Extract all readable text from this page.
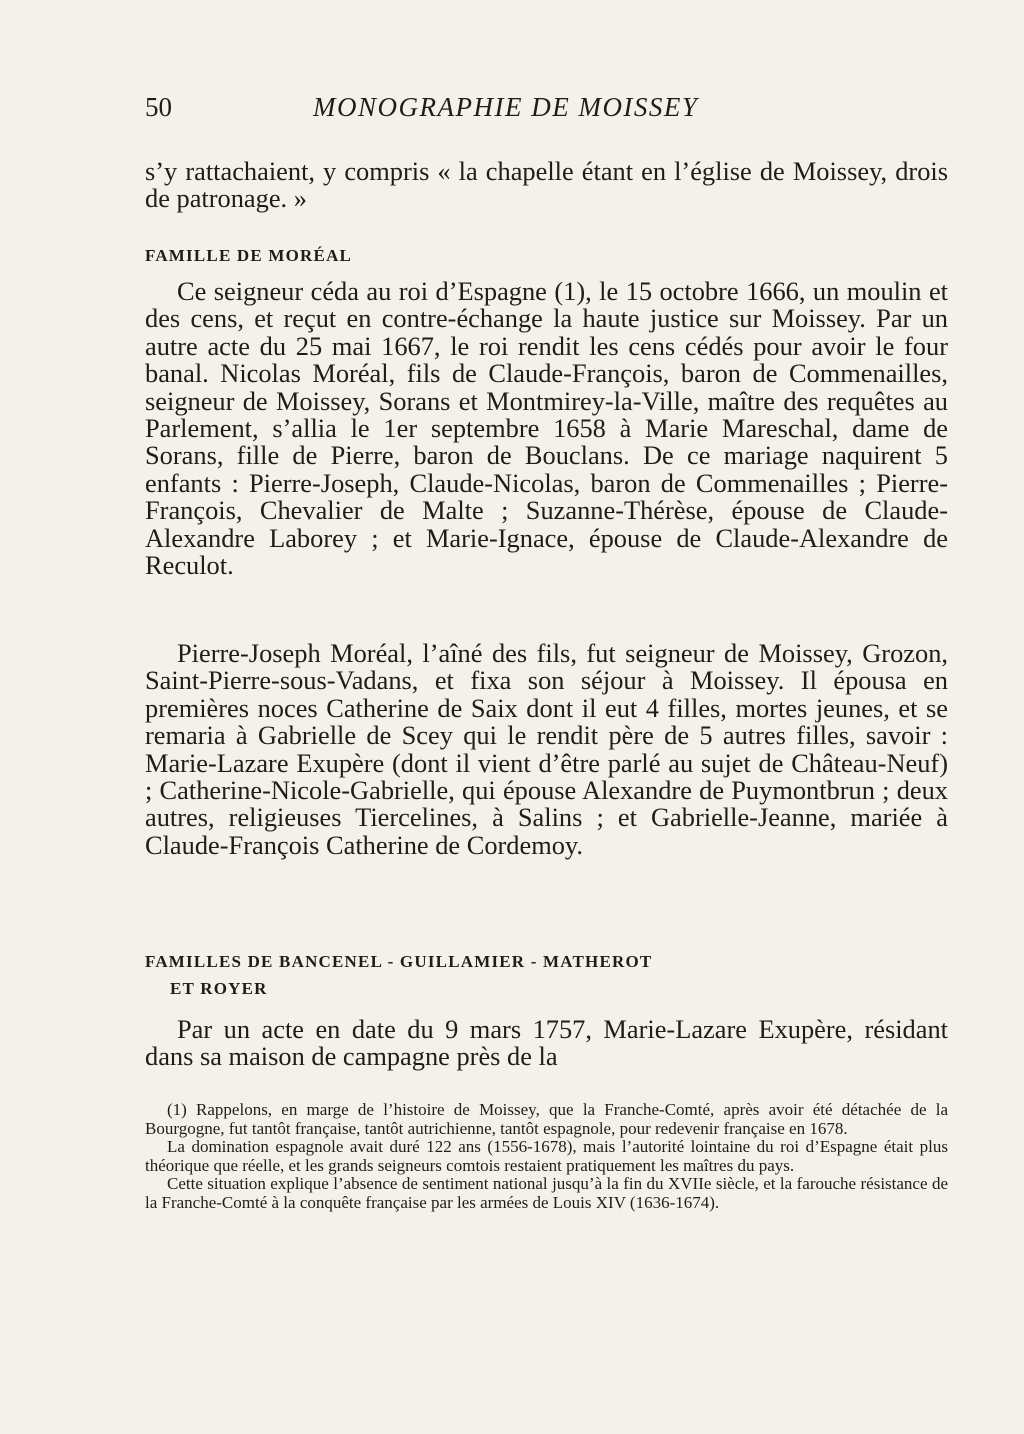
50	MONOGRAPHIE DE MOISSEY

s’y rattachaient, y compris « la chapelle étant en l’église de Moissey, drois de patronage. »

FAMILLE DE MORÉAL

Ce seigneur céda au roi d’Espagne (1), le 15 octobre 1666, un moulin et des cens, et reçut en contre-échange la haute justice sur Moissey. Par un autre acte du 25 mai 1667, le roi rendit les cens cédés pour avoir le four banal. Nicolas Moréal, fils de Claude-François, baron de Commenailles, seigneur de Moissey, Sorans et Montmirey-la-Ville, maître des requêtes au Parlement, s’allia le 1er septembre 1658 à Marie Mareschal, dame de Sorans, fille de Pierre, baron de Bouclans. De ce mariage naquirent 5 enfants : Pierre-Joseph, Claude-Nicolas, baron de Commenailles ; Pierre-François, Chevalier de Malte ; Suzanne-Thérèse, épouse de Claude-Alexandre Laborey ; et Marie-Ignace, épouse de Claude-Alexandre de Reculot.

Pierre-Joseph Moréal, l’aîné des fils, fut seigneur de Moissey, Grozon, Saint-Pierre-sous-Vadans, et fixa son séjour à Moissey. Il épousa en premières noces Catherine de Saix dont il eut 4 filles, mortes jeunes, et se remaria à Gabrielle de Scey qui le rendit père de 5 autres filles, savoir : Marie-Lazare Exupère (dont il vient d’être parlé au sujet de Château-Neuf) ; Catherine-Nicole-Gabrielle, qui épouse Alexandre de Puymontbrun ; deux autres, religieuses Tiercelines, à Salins ; et Gabrielle-Jeanne, mariée à Claude-François Catherine de Cordemoy.

FAMILLES DE BANCENEL - GUILLAMIER - MATHEROT
ET ROYER

Par un acte en date du 9 mars 1757, Marie-Lazare Exupère, résidant dans sa maison de campagne près de la

(1) Rappelons, en marge de l’histoire de Moissey, que la Franche-Comté, après avoir été détachée de la Bourgogne, fut tantôt française, tantôt autrichienne, tantôt espagnole, pour redevenir française en 1678.

La domination espagnole avait duré 122 ans (1556-1678), mais l’autorité lointaine du roi d’Espagne était plus théorique que réelle, et les grands seigneurs comtois restaient pratiquement les maîtres du pays.

Cette situation explique l’absence de sentiment national jusqu’à la fin du XVIIe siècle, et la farouche résistance de la Franche-Comté à la conquête française par les armées de Louis XIV (1636-1674).
